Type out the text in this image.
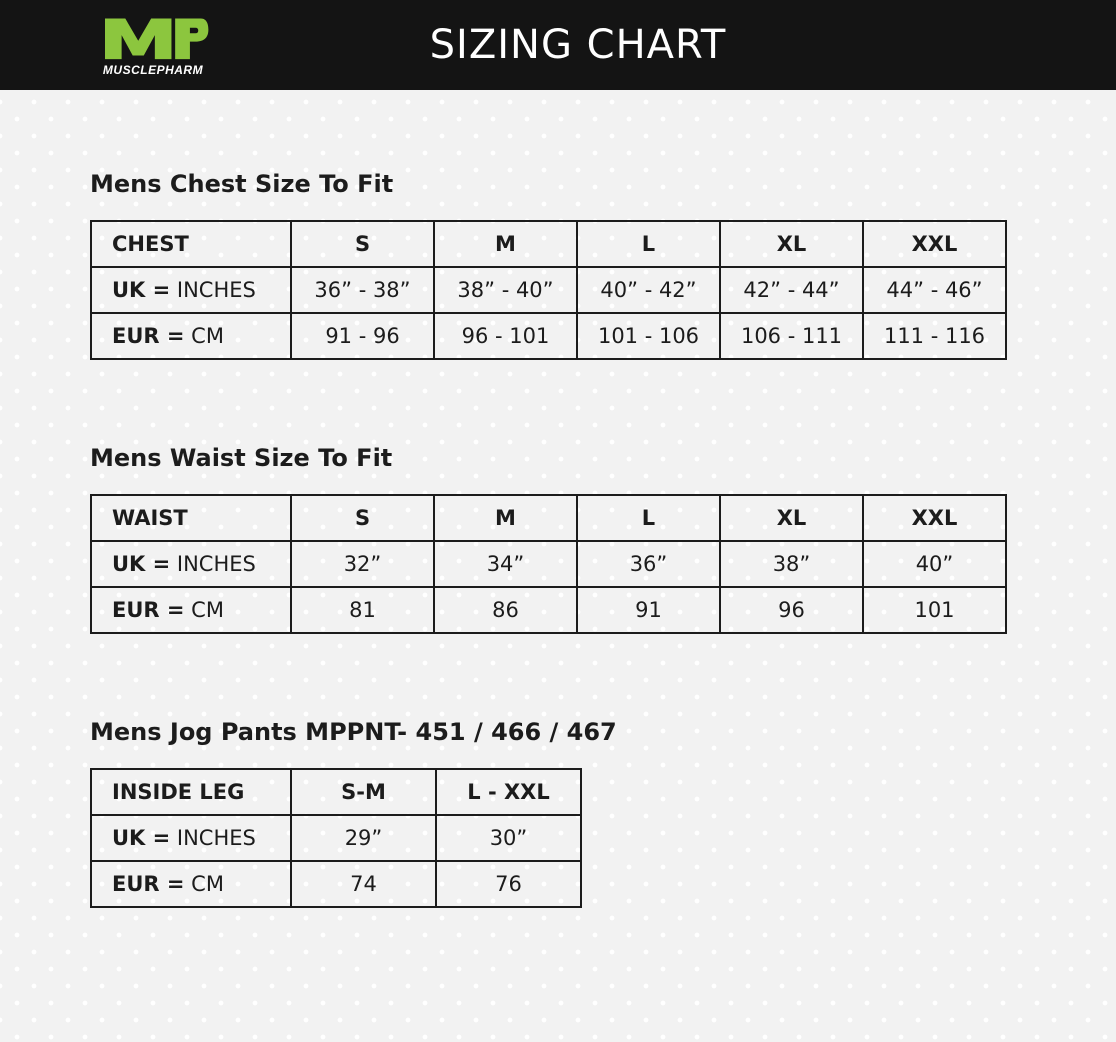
MUSCLEPHARM
SIZING CHART
Mens Chest Size To Fit
CHEST	S	M	L	XL	XXL
UK = INCHES	36” - 38”	38” - 40”	40” - 42”	42” - 44”	44” - 46”
EUR = CM	91 - 96	96 - 101	101 - 106	106 - 111	111 - 116
Mens Waist Size To Fit
WAIST	S	M	L	XL	XXL
UK = INCHES	32”	34”	36”	38”	40”
EUR = CM	81	86	91	96	101
Mens Jog Pants MPPNT- 451 / 466 / 467
INSIDE LEG	S-M	L - XXL
UK = INCHES	29”	30”
EUR = CM	74	76
